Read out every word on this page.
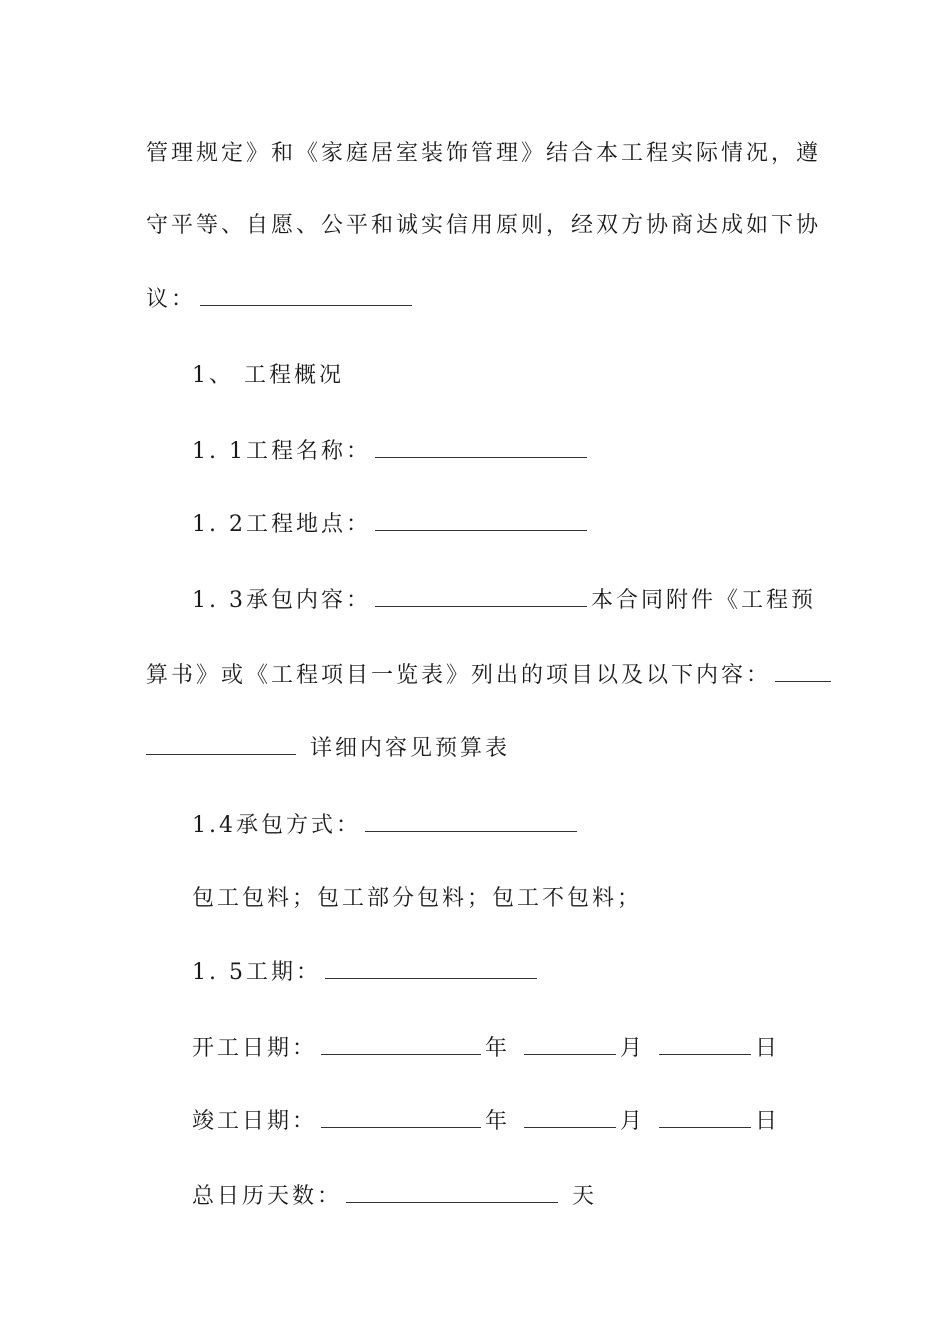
管理规定》和《家庭居室装饰管理》结合本工程实际情况，遵
守平等、自愿、公平和诚实信用原则，经双方协商达成如下协
议：
1、 工程概况
1. 1工程名称：
1. 2工程地点：
1. 3承包内容：	本合同附件《工程预
算书》或《工程项目一览表》列出的项目以及以下内容：
详细内容见预算表
1.4承包方式：
包工包料；包工部分包料；包工不包料；
1. 5工期：
开工日期：	年	月	日
竣工日期：	年	月	日
总日历天数：	天
